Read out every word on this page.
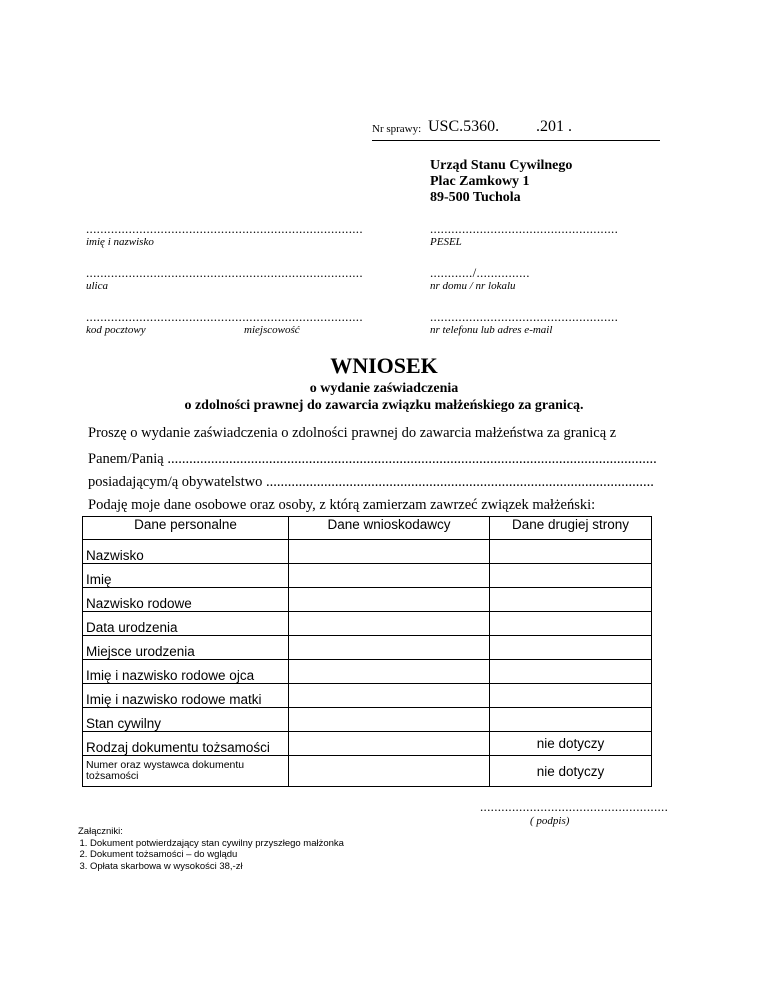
Nr sprawy: USC.5360. .201 .
Urząd Stanu Cywilnego
Plac Zamkowy 1
89-500 Tuchola
..............................................................................
imię i nazwisko
.....................................................
PESEL
..............................................................................
ulica
............/...............
nr domu / nr lokalu
..............................................................................
kod pocztowy	miejscowość
.....................................................
nr telefonu lub adres e-mail
WNIOSEK
o wydanie zaświadczenia
o zdolności prawnej do zawarcia związku małżeńskiego za granicą.
Proszę o wydanie zaświadczenia o zdolności prawnej do zawarcia małżeństwa za granicą z
Panem/Panią .......................................................................................................................................
posiadającym/ą obywatelstwo ...........................................................................................................
Podaję moje dane osobowe oraz osoby, z którą zamierzam zawrzeć związek małżeński:
Dane personalne	Dane wnioskodawcy	Dane drugiej strony
Nazwisko		
Imię		
Nazwisko rodowe		
Data urodzenia		
Miejsce urodzenia		
Imię i nazwisko rodowe ojca		
Imię i nazwisko rodowe matki		
Stan cywilny		
Rodzaj dokumentu tożsamości		nie dotyczy
Numer oraz wystawca dokumentu tożsamości		nie dotyczy
.....................................................
( podpis)
Załączniki:
1. Dokument potwierdzający stan cywilny przyszłego małżonka
2. Dokument tożsamości – do wglądu
3. Opłata skarbowa w wysokości 38,-zł
